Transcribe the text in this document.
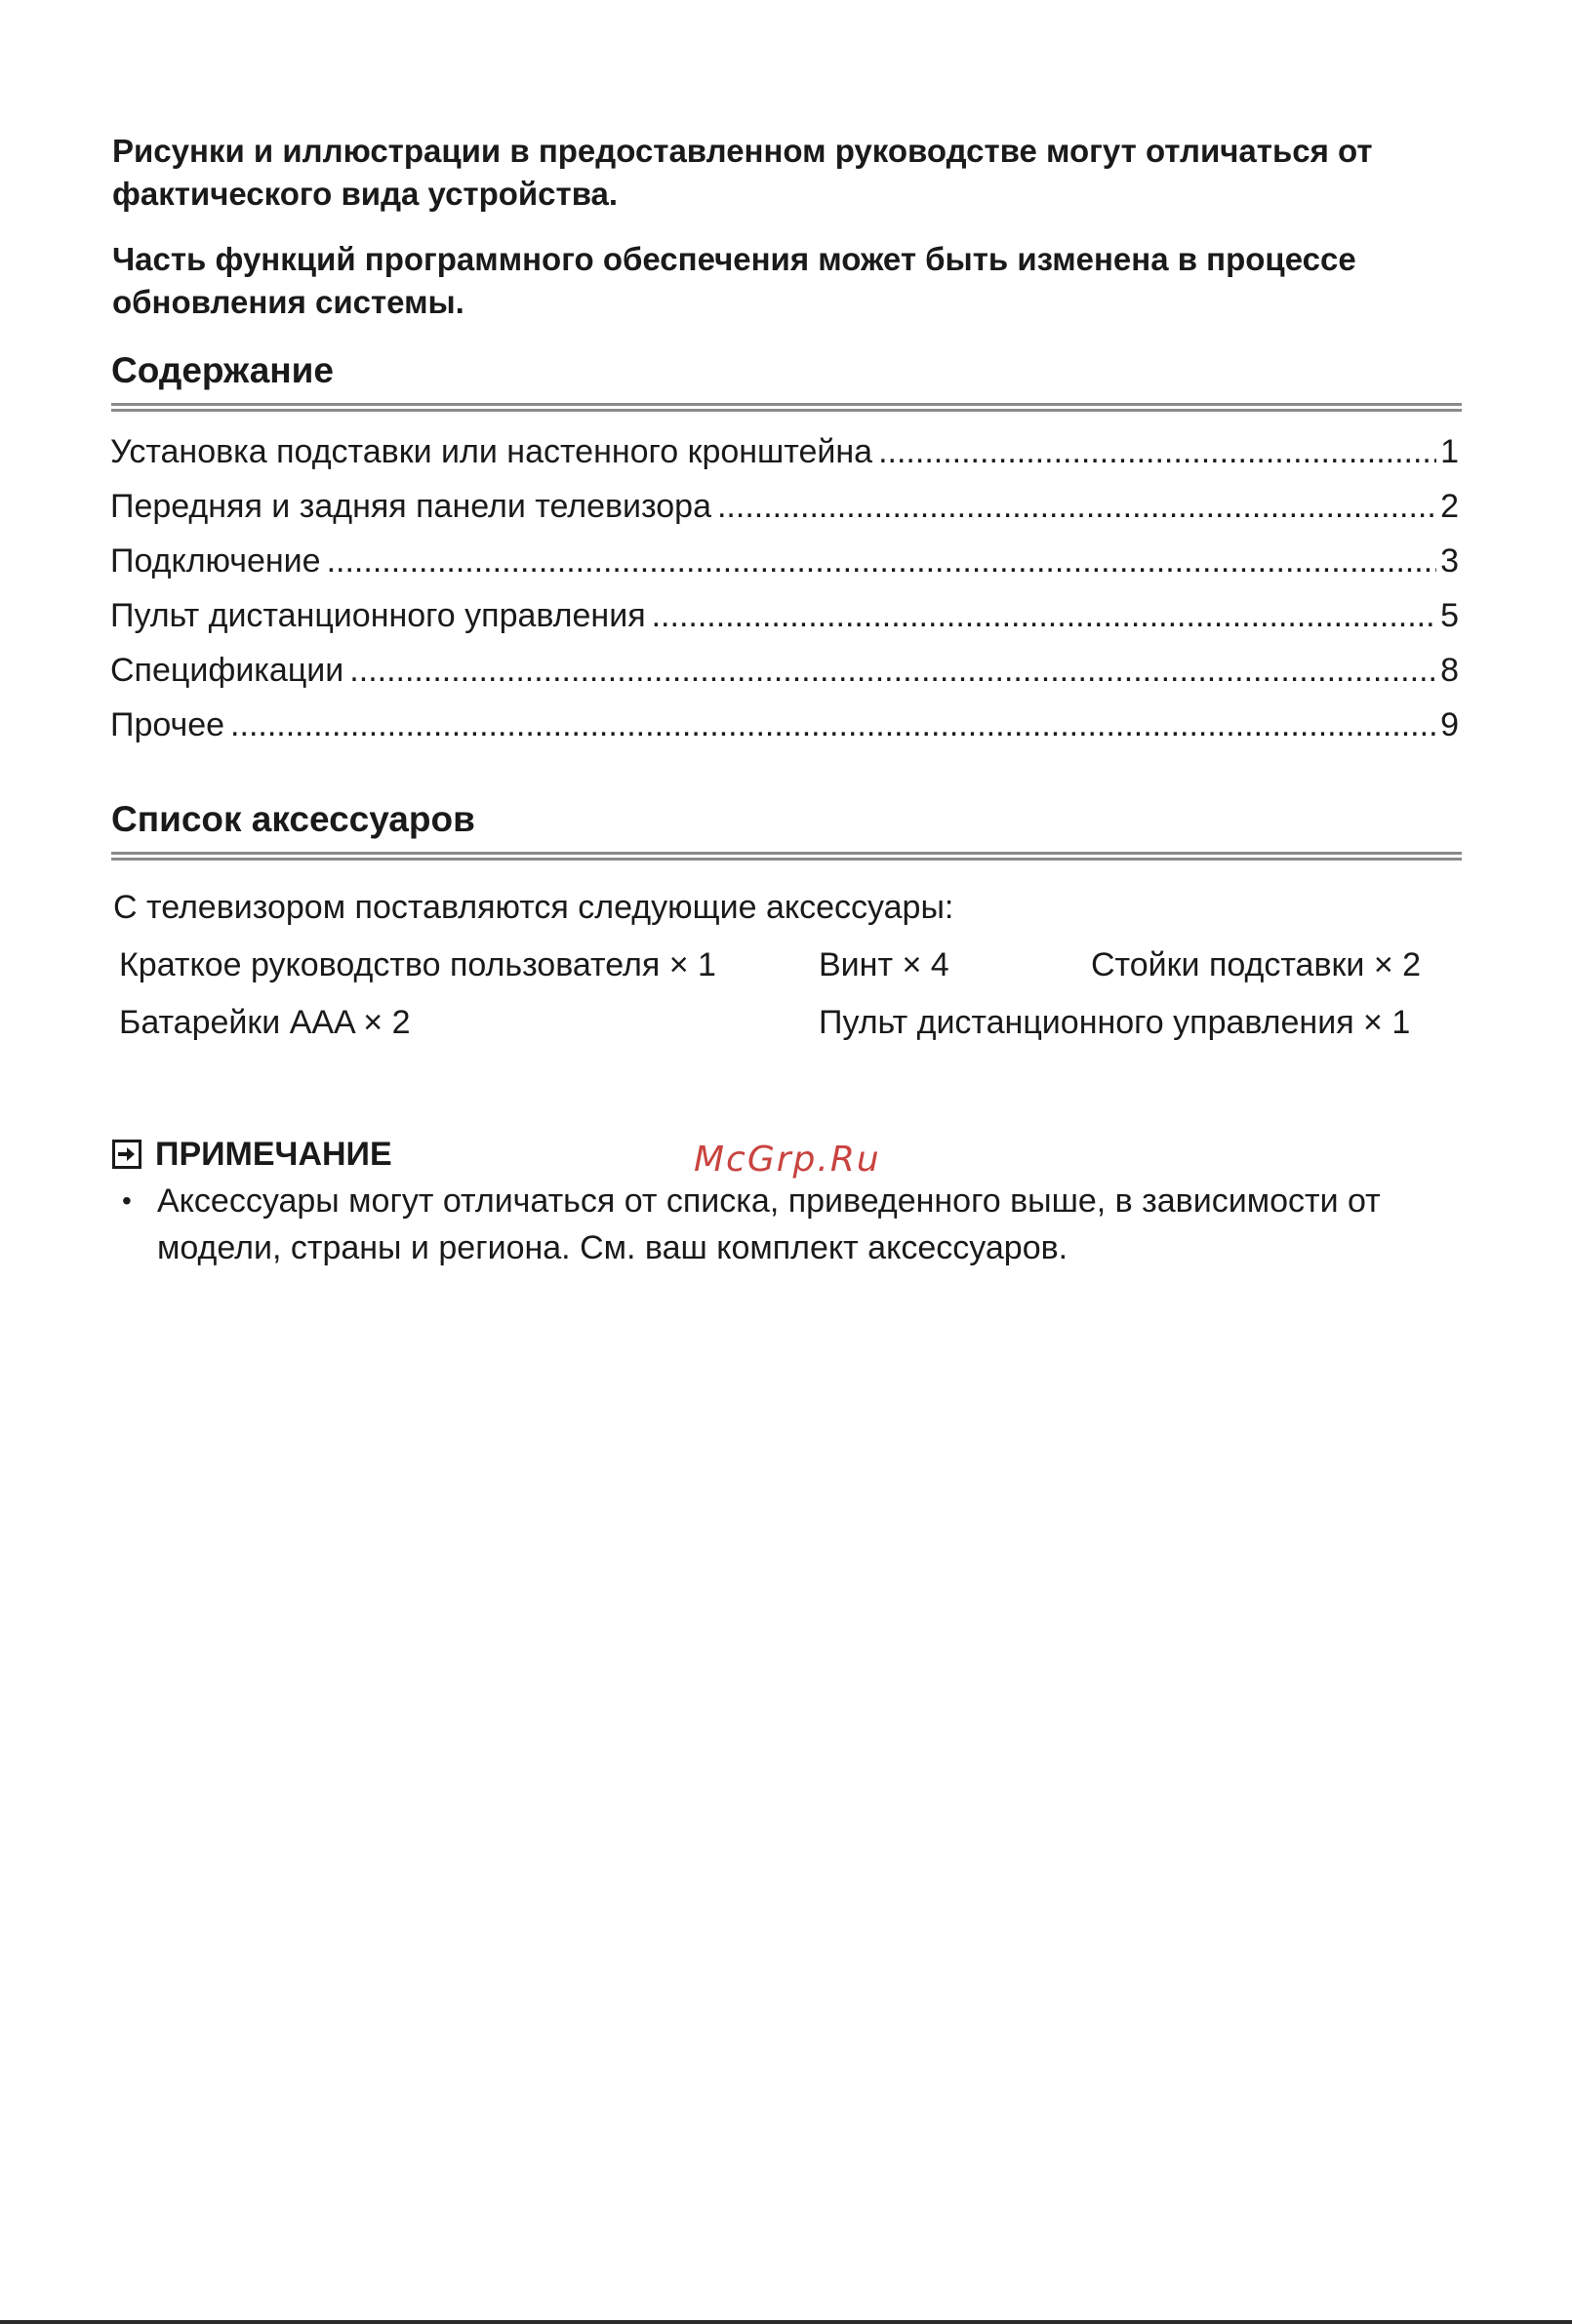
Рисунки и иллюстрации в предоставленном руководстве могут отличаться от фактического вида устройства.

Часть функций программного обеспечения может быть изменена в процессе обновления системы.

Содержание
Установка подставки или настенного кронштейна .....	1
Передняя и задняя панели телевизора .....	2
Подключение .....	3
Пульт дистанционного управления .....	5
Спецификации .....	8
Прочее .....	9
Список аксессуаров

С телевизором поставляются следующие аксессуары:

Краткое руководство пользователя × 1	Винт × 4	Стойки подставки × 2
Батарейки AAA × 2	Пульт дистанционного управления × 1
ПРИМЕЧАНИЕ	McGrp.Ru
• Аксессуары могут отличаться от списка, приведенного выше, в зависимости от модели, страны и региона. См. ваш комплект аксессуаров.
